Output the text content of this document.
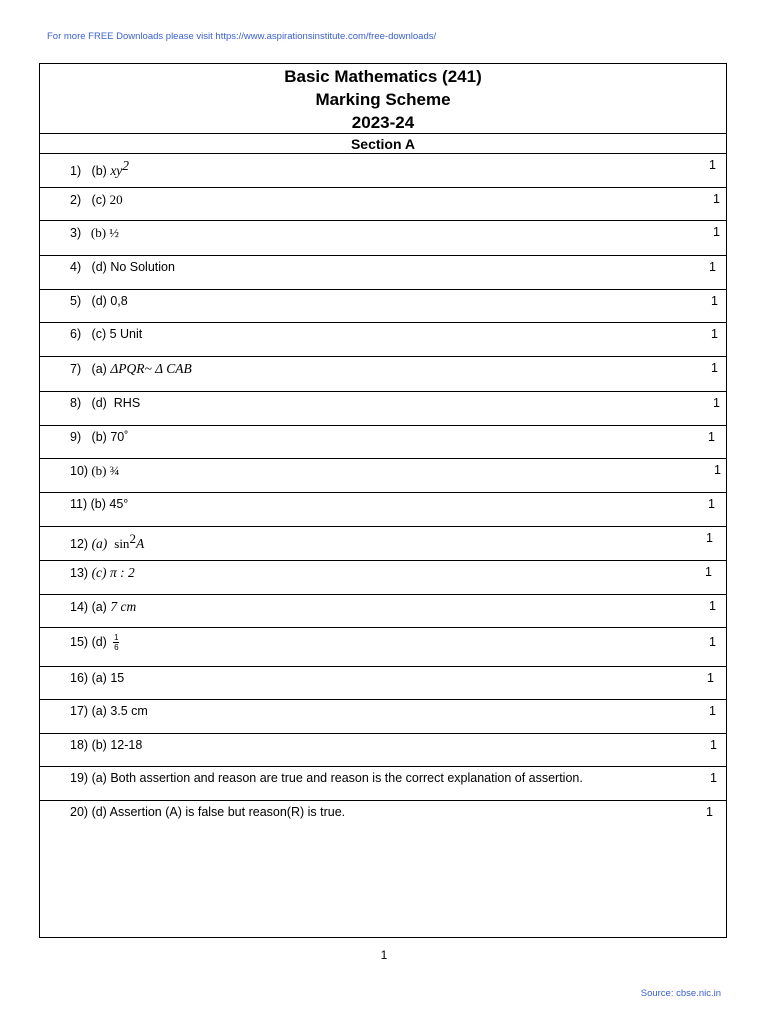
For more FREE Downloads please visit https://www.aspirationsinstitute.com/free-downloads/
Basic Mathematics (241)
Marking Scheme
2023-24
Section A
1) (b) $xy^2$	1
2) (c) 20	1
3) (b) ½	1
4) (d) No Solution	1
5) (d) 0,8	1
6) (c) 5 Unit	1
7) (a) ΔPQR~ Δ CAB	1
8) (d) RHS	1
9) (b) 70˚	1
10) (b) ¾	1
11) (b) 45°	1
12) (a) $\sin^2A$	1
13) (c) π : 2	1
14) (a) 7 cm	1
15) $(d) \frac{1}{6}$	1
16) (a) 15	1
17) (a) 3.5 cm	1
18) (b) 12-18	1
19) (a) Both assertion and reason are true and reason is the correct explanation of assertion.	1
20) (d) Assertion (A) is false but reason(R) is true.	1
1
Source: cbse.nic.in
